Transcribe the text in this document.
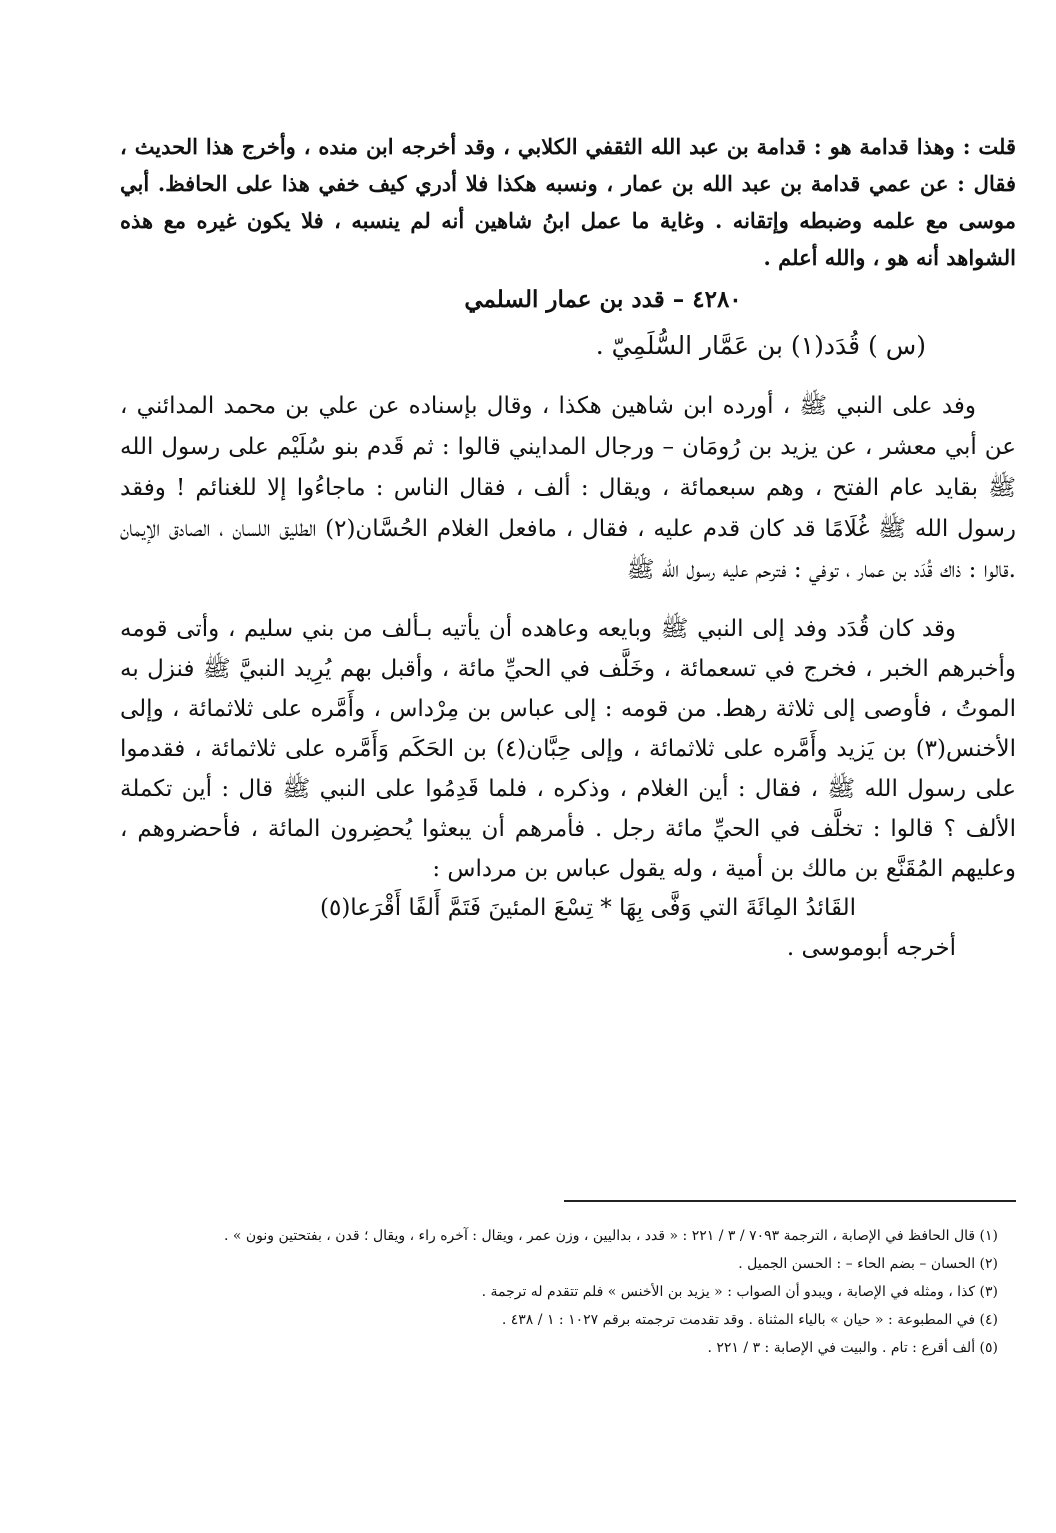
قلت : وهذا قدامة هو : قدامة بن عبد الله الثقفي الكلابي ، وقد أخرجه ابن منده ، وأخرج هذا الحديث ، فقال : عن عمي قدامة بن عبد الله بن عمار ، ونسبه هكذا فلا أدري كيف خفي هذا على الحافظ. أبي موسى مع علمه وضبطه وإتقانه . وغاية ما عمل ابنُ شاهين أنه لم ينسبه ، فلا يكون غيره مع هذه الشواهد أنه هو ، والله أعلم .

٤٢٨٠ – قدد بن عمار السلمي
(س ) قُدَد(١) بن عَمَّار السُّلَمِيّ .

وفد على النبي ﷺ ، أورده ابن شاهين هكذا ، وقال بإسناده عن علي بن محمد المدائني ، عن أبي معشر ، عن يزيد بن رُومَان – ورجال المدايني قالوا : ثم قَدم بنو سُلَيْم على رسول الله ﷺ بقايد عام الفتح ، وهم سبعمائة ، ويقال : ألف ، فقال الناس : ماجاءُوا إلا للغنائم ! وفقد رسول الله ﷺ غُلَامًا قد كان قدم عليه ، فقال ، مافعل الغلام الحُسَّان(٢) الطليق اللسان ، الصادق الإيمان .قالوا : ذاك قُدَد بن عمار ، توفي : فترحم عليه رسول الله ﷺ

وقد كان قُدَد وفد إلى النبي ﷺ وبايعه وعاهده أن يأتيه بـألف من بني سليم ، وأتى قومه وأخبرهم الخبر ، فخرج في تسعمائة ، وخَلَّف في الحيِّ مائة ، وأقبل بهم يُرِيد النبيَّ ﷺ فنزل به الموتُ ، فأوصى إلى ثلاثة رهط. من قومه : إلى عباس بن مِرْداس ، وأَمَّره على ثلاثمائة ، وإلى الأخنس(٣) بن يَزيد وأَمَّره على ثلاثمائة ، وإلى حِبَّان(٤) بن الحَكَم وَأَمَّره على ثلاثمائة ، فقدموا على رسول الله ﷺ ، فقال : أين الغلام ، وذكره ، فلما قَدِمُوا على النبي ﷺ قال : أين تكملة الألف ؟ قالوا : تخلَّف في الحيِّ مائة رجل . فأمرهم أن يبعثوا يُحضِرون المائة ، فأحضروهم ، وعليهم المُقَنَّع بن مالك بن أمية ، وله يقول عباس بن مرداس :

القَائدُ المِائَةَ التي وَفَّى بِهَا * تِسْعَ المئينَ فَتَمَّ أَلفًا أَقْرَعا(٥)
أخرجه أبوموسى .

(١) قال الحافظ في الإصابة ، الترجمة ٧٠٩٣ / ٣ / ٢٢١ : « قدد ، بداليين ، وزن عمر ، ويقال : آخره راء ، ويقال ؛ قدن ، بفتحتين ونون » .

(٢) الحسان – بضم الحاء – : الحسن الجميل .

(٣) كذا ، ومثله في الإصابة ، ويبدو أن الصواب : « يزيد بن الأخنس » فلم تتقدم له ترجمة .

(٤) في المطبوعة : « حيان » بالياء المثناة . وقد تقدمت ترجمته برقم ١٠٢٧ : ١ / ٤٣٨ .

(٥) ألف أقرع : تام . والبيت في الإصابة : ٣ / ٢٢١ .
